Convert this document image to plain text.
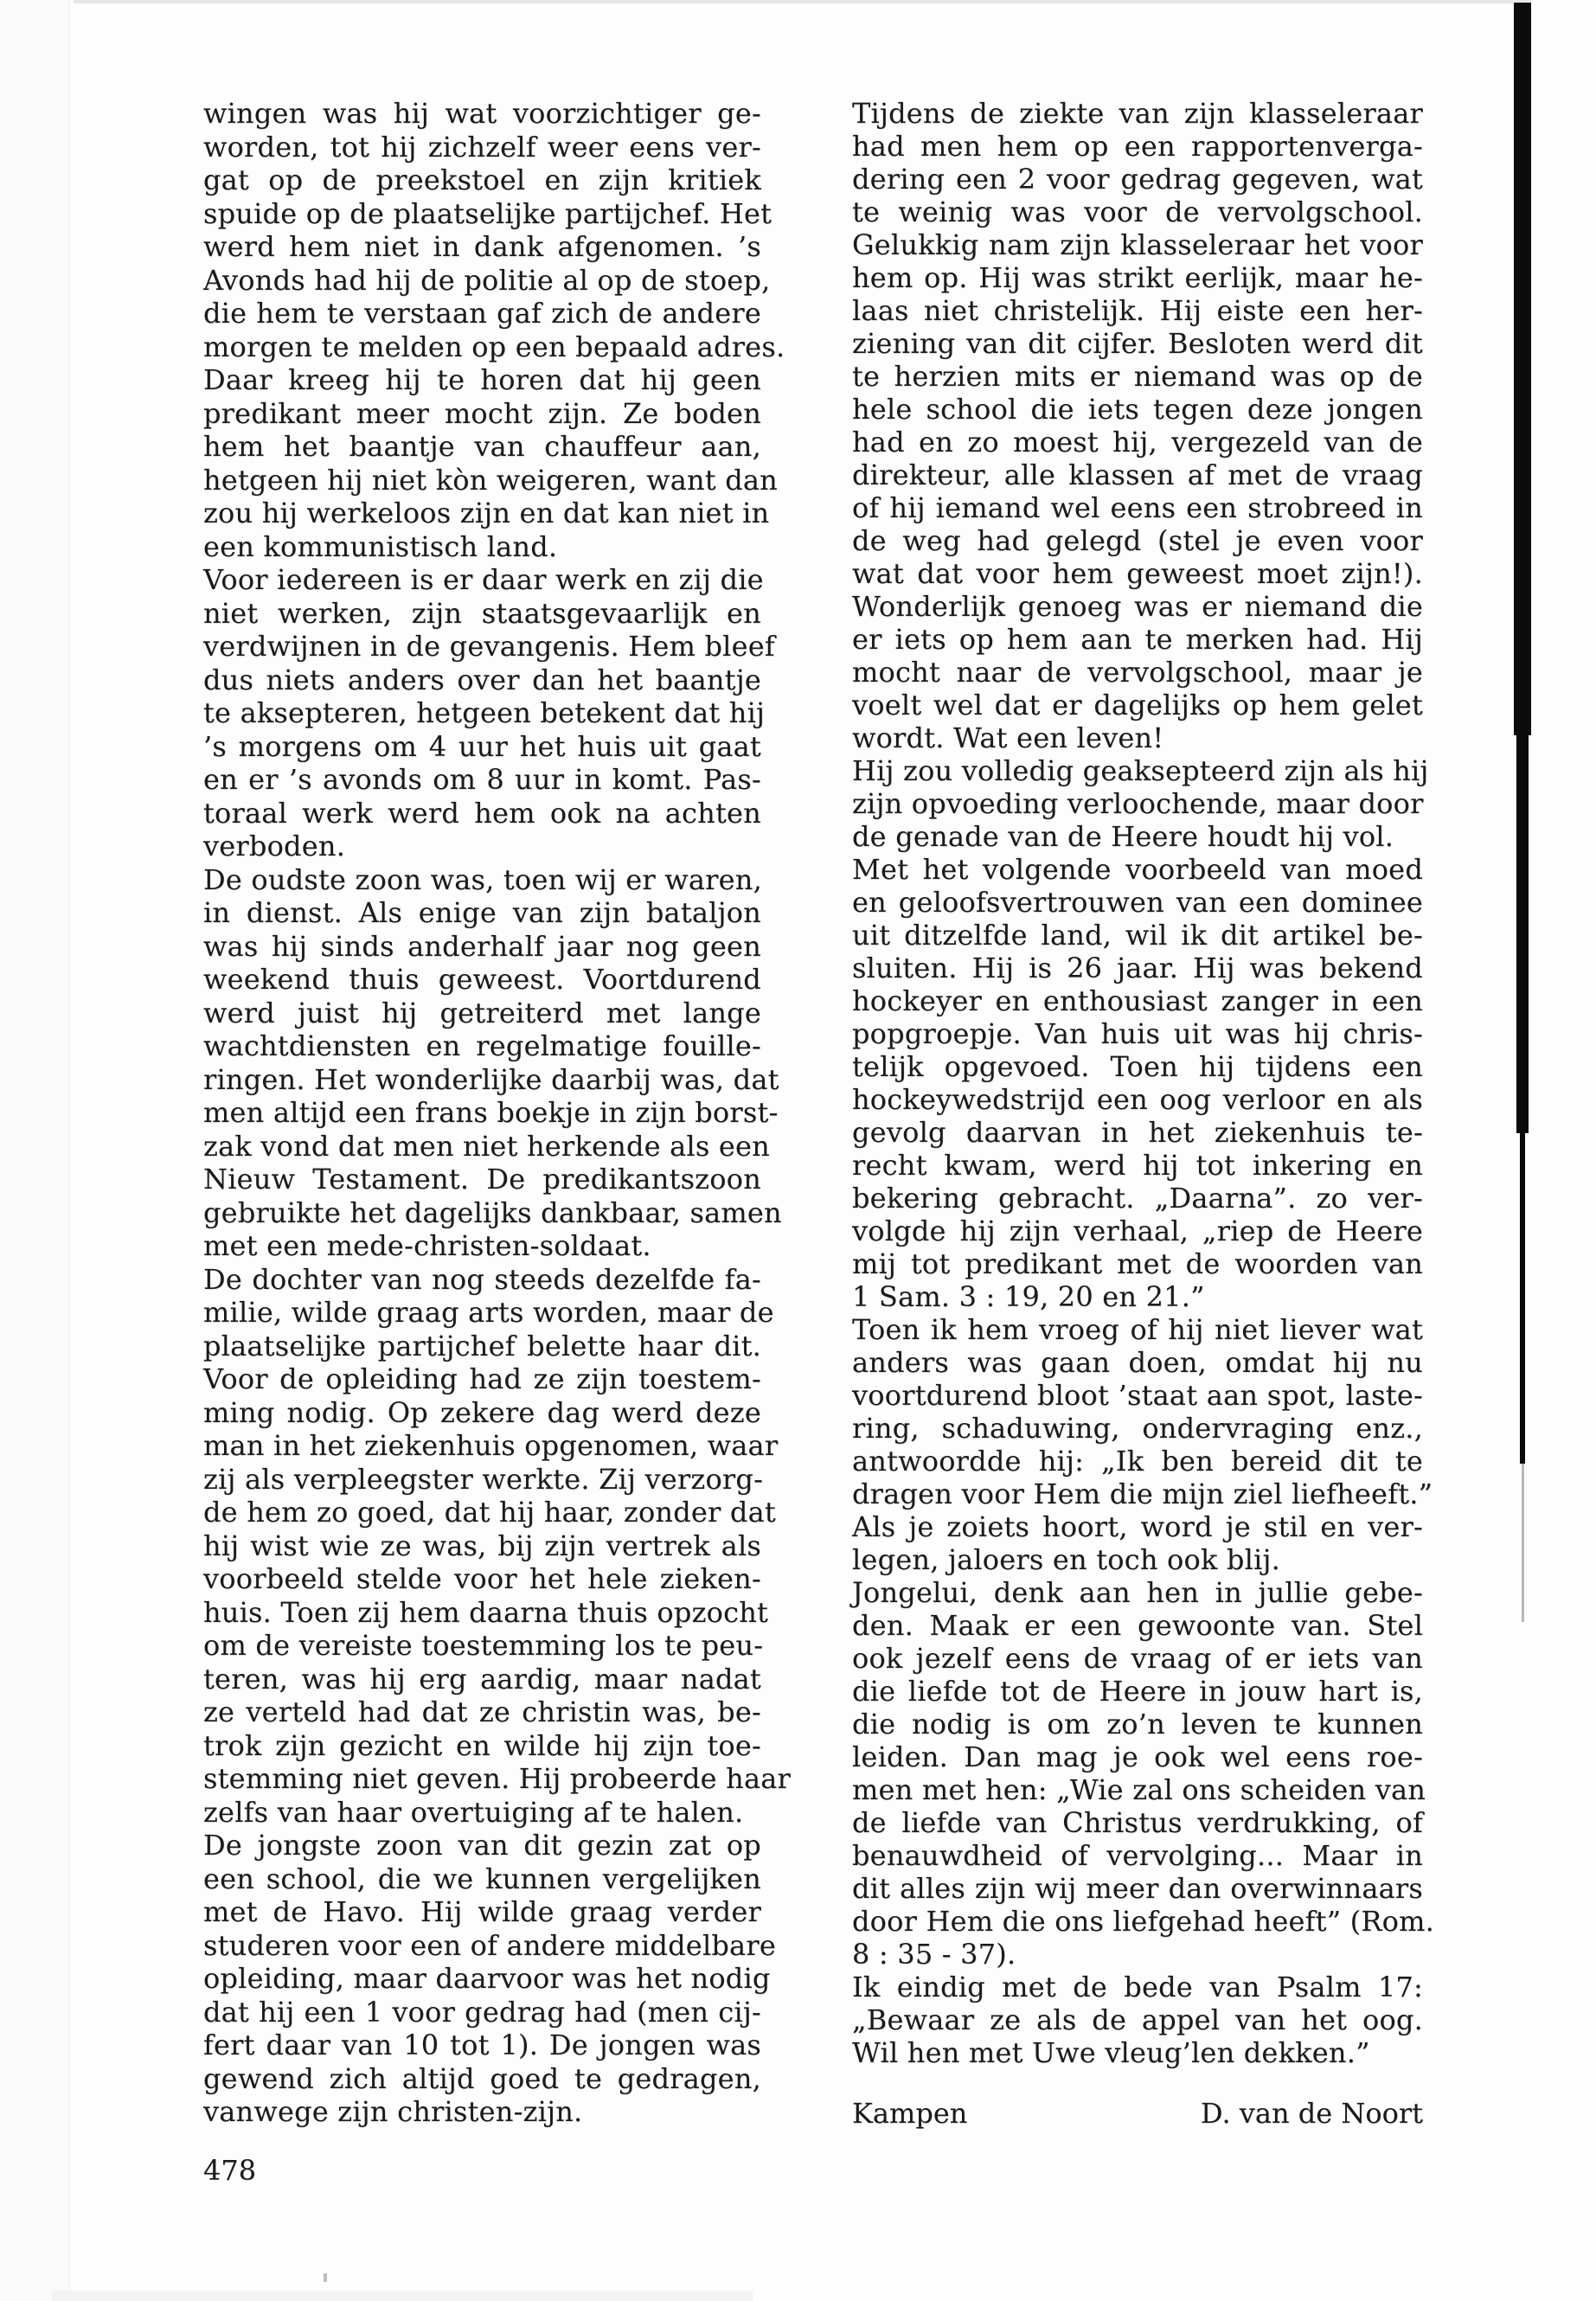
wingen was hij wat voorzichtiger ge-
worden, tot hij zichzelf weer eens ver-
gat op de preekstoel en zijn kritiek
spuide op de plaatselijke partijchef. Het
werd hem niet in dank afgenomen. ’s
Avonds had hij de politie al op de stoep,
die hem te verstaan gaf zich de andere
morgen te melden op een bepaald adres.
Daar kreeg hij te horen dat hij geen
predikant meer mocht zijn. Ze boden
hem het baantje van chauffeur aan,
hetgeen hij niet kòn weigeren, want dan
zou hij werkeloos zijn en dat kan niet in
een kommunistisch land.
Voor iedereen is er daar werk en zij die
niet werken, zijn staatsgevaarlijk en
verdwijnen in de gevangenis. Hem bleef
dus niets anders over dan het baantje
te aksepteren, hetgeen betekent dat hij
’s morgens om 4 uur het huis uit gaat
en er ’s avonds om 8 uur in komt. Pas-
toraal werk werd hem ook na achten
verboden.
De oudste zoon was, toen wij er waren,
in dienst. Als enige van zijn bataljon
was hij sinds anderhalf jaar nog geen
weekend thuis geweest. Voortdurend
werd juist hij getreiterd met lange
wachtdiensten en regelmatige fouille-
ringen. Het wonderlijke daarbij was, dat
men altijd een frans boekje in zijn borst-
zak vond dat men niet herkende als een
Nieuw Testament. De predikantszoon
gebruikte het dagelijks dankbaar, samen
met een mede-christen-soldaat.
De dochter van nog steeds dezelfde fa-
milie, wilde graag arts worden, maar de
plaatselijke partijchef belette haar dit.
Voor de opleiding had ze zijn toestem-
ming nodig. Op zekere dag werd deze
man in het ziekenhuis opgenomen, waar
zij als verpleegster werkte. Zij verzorg-
de hem zo goed, dat hij haar, zonder dat
hij wist wie ze was, bij zijn vertrek als
voorbeeld stelde voor het hele zieken-
huis. Toen zij hem daarna thuis opzocht
om de vereiste toestemming los te peu-
teren, was hij erg aardig, maar nadat
ze verteld had dat ze christin was, be-
trok zijn gezicht en wilde hij zijn toe-
stemming niet geven. Hij probeerde haar
zelfs van haar overtuiging af te halen.
De jongste zoon van dit gezin zat op
een school, die we kunnen vergelijken
met de Havo. Hij wilde graag verder
studeren voor een of andere middelbare
opleiding, maar daarvoor was het nodig
dat hij een 1 voor gedrag had (men cij-
fert daar van 10 tot 1). De jongen was
gewend zich altijd goed te gedragen,
vanwege zijn christen-zijn.
Tijdens de ziekte van zijn klasseleraar
had men hem op een rapportenverga-
dering een 2 voor gedrag gegeven, wat
te weinig was voor de vervolgschool.
Gelukkig nam zijn klasseleraar het voor
hem op. Hij was strikt eerlijk, maar he-
laas niet christelijk. Hij eiste een her-
ziening van dit cijfer. Besloten werd dit
te herzien mits er niemand was op de
hele school die iets tegen deze jongen
had en zo moest hij, vergezeld van de
direkteur, alle klassen af met de vraag
of hij iemand wel eens een strobreed in
de weg had gelegd (stel je even voor
wat dat voor hem geweest moet zijn!).
Wonderlijk genoeg was er niemand die
er iets op hem aan te merken had. Hij
mocht naar de vervolgschool, maar je
voelt wel dat er dagelijks op hem gelet
wordt. Wat een leven!
Hij zou volledig geaksepteerd zijn als hij
zijn opvoeding verloochende, maar door
de genade van de Heere houdt hij vol.
Met het volgende voorbeeld van moed
en geloofsvertrouwen van een dominee
uit ditzelfde land, wil ik dit artikel be-
sluiten. Hij is 26 jaar. Hij was bekend
hockeyer en enthousiast zanger in een
popgroepje. Van huis uit was hij chris-
telijk opgevoed. Toen hij tijdens een
hockeywedstrijd een oog verloor en als
gevolg daarvan in het ziekenhuis te-
recht kwam, werd hij tot inkering en
bekering gebracht. „Daarna”. zo ver-
volgde hij zijn verhaal, „riep de Heere
mij tot predikant met de woorden van
1 Sam. 3 : 19, 20 en 21.”
Toen ik hem vroeg of hij niet liever wat
anders was gaan doen, omdat hij nu
voortdurend bloot ’staat aan spot, laste-
ring, schaduwing, ondervraging enz.,
antwoordde hij: „Ik ben bereid dit te
dragen voor Hem die mijn ziel liefheeft.”
Als je zoiets hoort, word je stil en ver-
legen, jaloers en toch ook blij.
Jongelui, denk aan hen in jullie gebe-
den. Maak er een gewoonte van. Stel
ook jezelf eens de vraag of er iets van
die liefde tot de Heere in jouw hart is,
die nodig is om zo’n leven te kunnen
leiden. Dan mag je ook wel eens roe-
men met hen: „Wie zal ons scheiden van
de liefde van Christus verdrukking, of
benauwdheid of vervolging... Maar in
dit alles zijn wij meer dan overwinnaars
door Hem die ons liefgehad heeft” (Rom.
8 : 35 - 37).
Ik eindig met de bede van Psalm 17:
„Bewaar ze als de appel van het oog.
Wil hen met Uwe vleug’len dekken.”
Kampen	D. van de Noort
478
